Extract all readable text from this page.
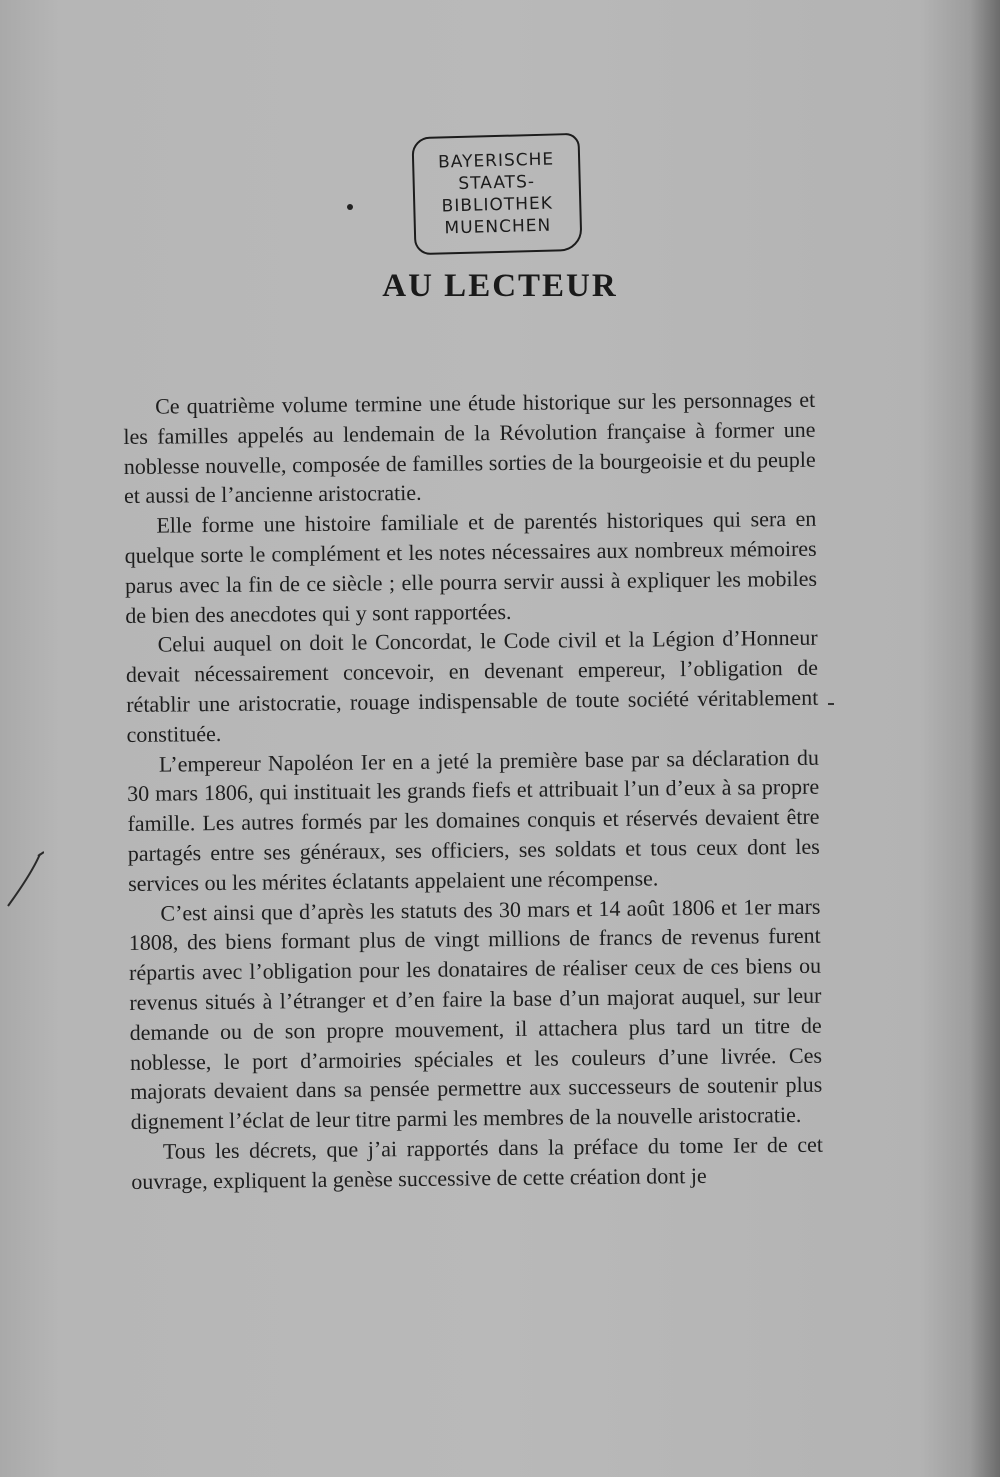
BAYERISCHE
STAATS-
BIBLIOTHEK
MUENCHEN
AU LECTEUR

Ce quatrième volume termine une étude historique sur les personnages et les familles appelés au lendemain de la Révolution française à former une noblesse nouvelle, composée de familles sorties de la bourgeoisie et du peuple et aussi de l’ancienne aristocratie.

Elle forme une histoire familiale et de parentés historiques qui sera en quelque sorte le complément et les notes nécessaires aux nombreux mémoires parus avec la fin de ce siècle ; elle pourra servir aussi à expliquer les mobiles de bien des anecdotes qui y sont rapportées.

Celui auquel on doit le Concordat, le Code civil et la Légion d’Honneur devait nécessairement concevoir, en devenant empereur, l’obligation de rétablir une aristocratie, rouage indispensable de toute société véritablement constituée.

L’empereur Napoléon Ier en a jeté la première base par sa déclaration du 30 mars 1806, qui instituait les grands fiefs et attribuait l’un d’eux à sa propre famille. Les autres formés par les domaines conquis et réservés devaient être partagés entre ses généraux, ses officiers, ses soldats et tous ceux dont les services ou les mérites éclatants appelaient une récompense.

C’est ainsi que d’après les statuts des 30 mars et 14 août 1806 et 1er mars 1808, des biens formant plus de vingt millions de francs de revenus furent répartis avec l’obligation pour les donataires de réaliser ceux de ces biens ou revenus situés à l’étranger et d’en faire la base d’un majorat auquel, sur leur demande ou de son propre mouvement, il attachera plus tard un titre de noblesse, le port d’armoiries spéciales et les couleurs d’une livrée. Ces majorats devaient dans sa pensée permettre aux successeurs de soutenir plus dignement l’éclat de leur titre parmi les membres de la nouvelle aristocratie.

Tous les décrets, que j’ai rapportés dans la préface du tome Ier de cet ouvrage, expliquent la genèse successive de cette création dont je
